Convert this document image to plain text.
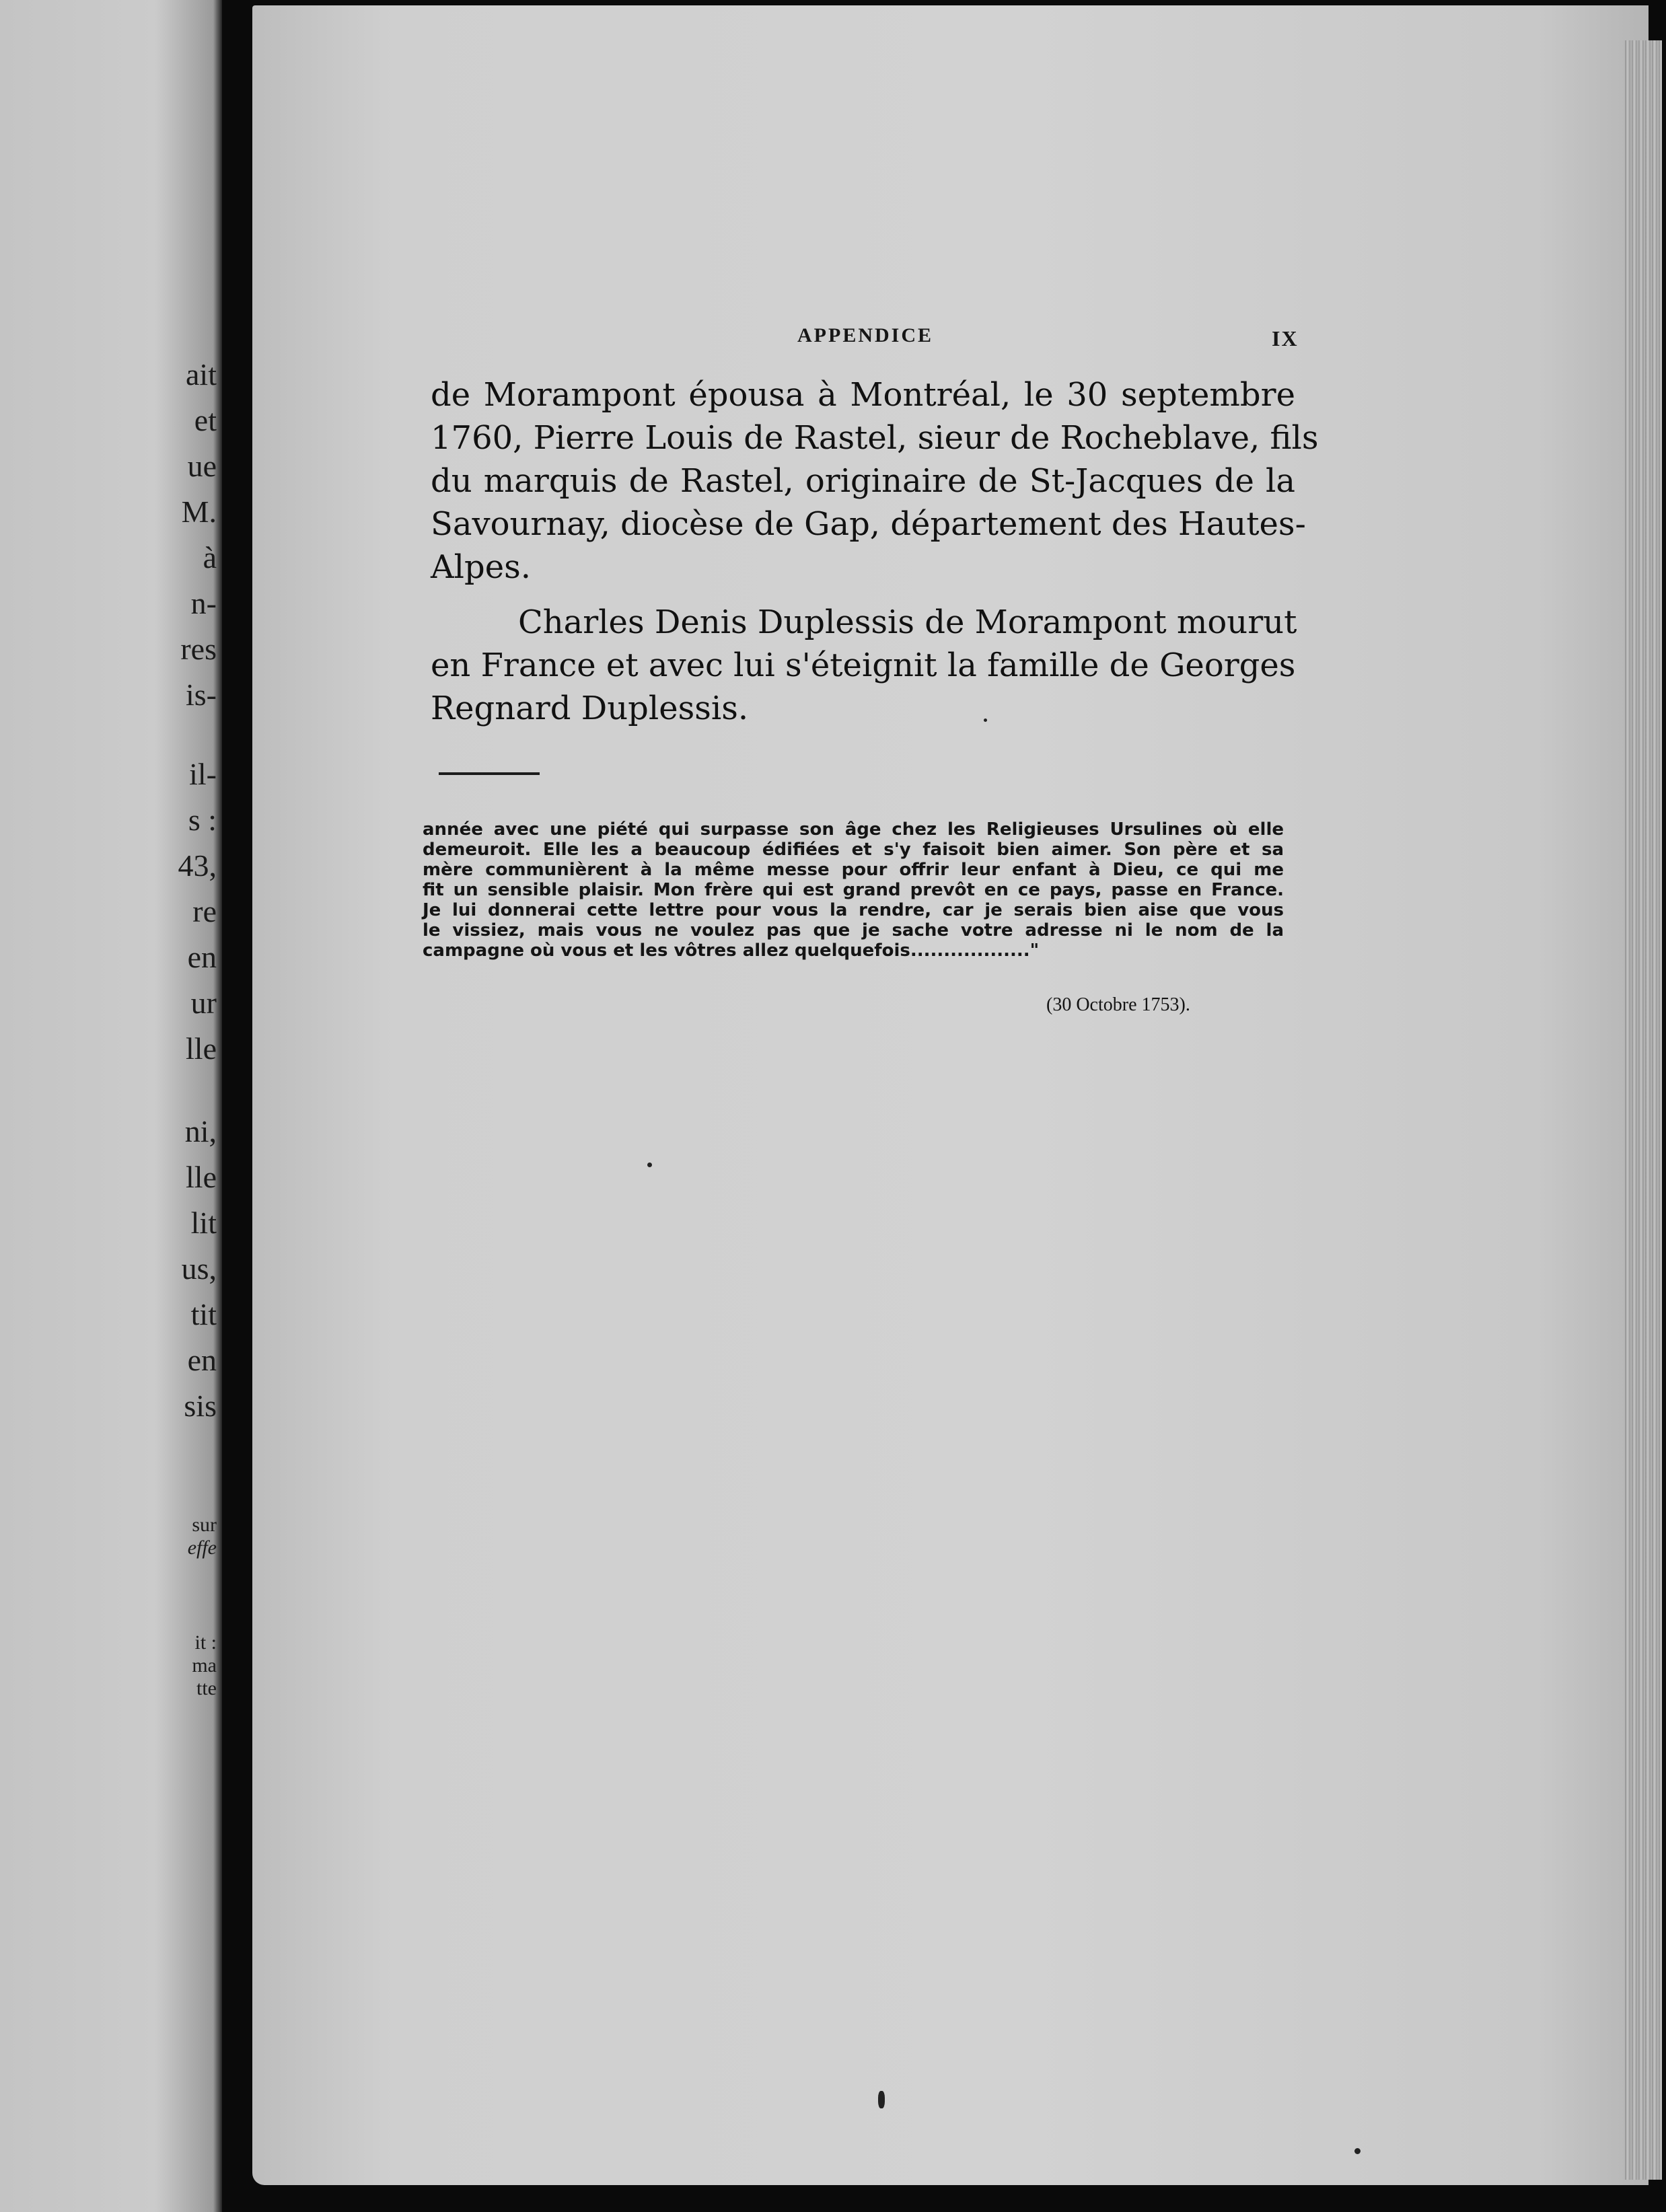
ait
et
ue
M.
à
n-
res
is-
il-
s :
43,
re
en
ur
lle
ni,
lle
lit
us,
tit
en
sis
sur
effe
it :
ma
tte
APPENDICE	IX
de Morampont épousa à Montréal, le 30 septembre
1760, Pierre Louis de Rastel, sieur de Rocheblave, fils
du marquis de Rastel, originaire de St-Jacques de la
Savournay, diocèse de Gap, département des Hautes-
Alpes.
Charles Denis Duplessis de Morampont mourut
en France et avec lui s'éteignit la famille de Georges
Regnard Duplessis.
année avec une piété qui surpasse son âge chez les Religieuses Ursulines où elle
demeuroit. Elle les a beaucoup édifiées et s'y faisoit bien aimer. Son père et sa
mère communièrent à la même messe pour offrir leur enfant à Dieu, ce qui me
fit un sensible plaisir. Mon frère qui est grand prevôt en ce pays, passe en France.
Je lui donnerai cette lettre pour vous la rendre, car je serais bien aise que vous
le vissiez, mais vous ne voulez pas que je sache votre adresse ni le nom de la
campagne où vous et les vôtres allez quelquefois.................."
(30 Octobre 1753).
